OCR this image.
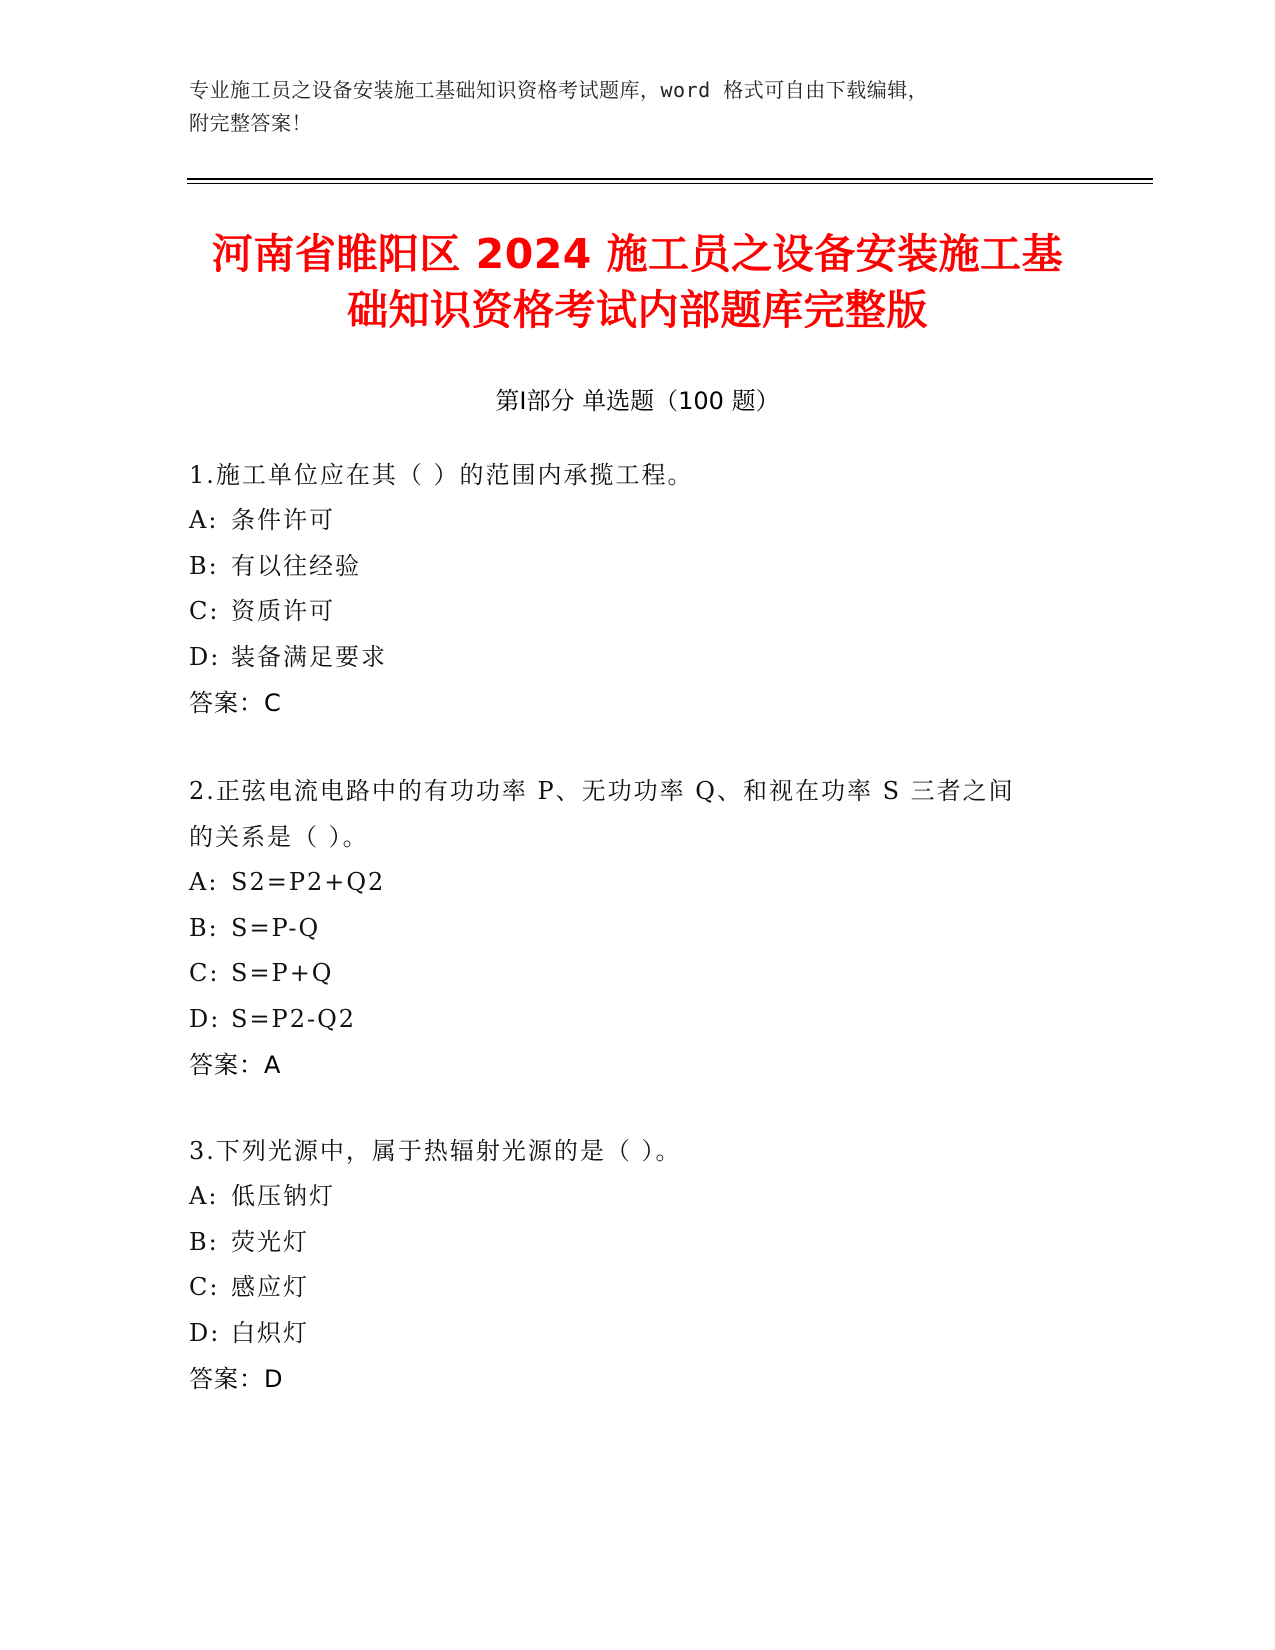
专业施工员之设备安装施工基础知识资格考试题库，word 格式可自由下载编辑，
附完整答案！
河南省睢阳区 2024 施工员之设备安装施工基
础知识资格考试内部题库完整版
第Ⅰ部分 单选题（100 题）
1.施工单位应在其（ ）的范围内承揽工程。
A: 条件许可
B: 有以往经验
C: 资质许可
D: 装备满足要求
答案：C
2.正弦电流电路中的有功功率 P、无功功率 Q、和视在功率 S 三者之间
的关系是（ ）。
A: S2=P2+Q2
B: S=P-Q
C: S=P+Q
D: S=P2-Q2
答案：A
3.下列光源中，属于热辐射光源的是（ ）。
A: 低压钠灯
B: 荧光灯
C: 感应灯
D: 白炽灯
答案：D
